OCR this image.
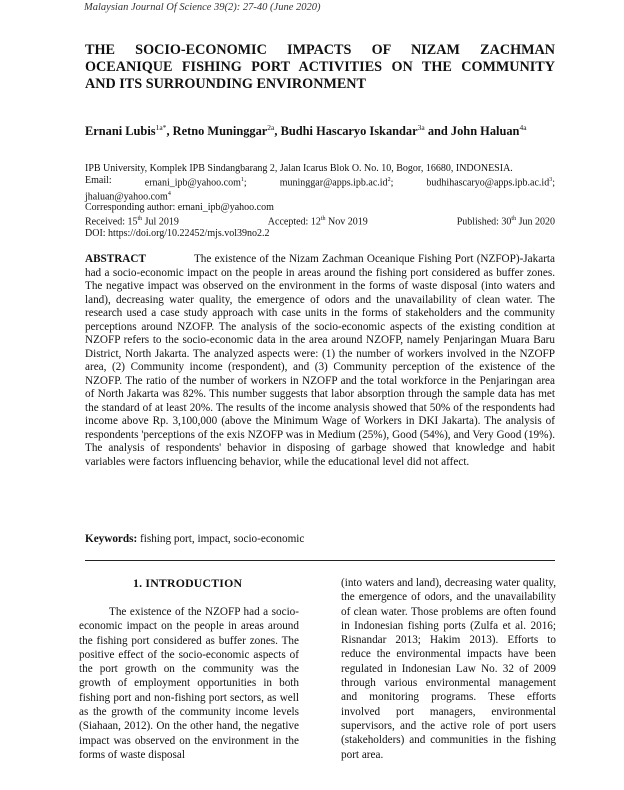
Malaysian Journal Of Science 39(2): 27-40 (June 2020)
THE SOCIO-ECONOMIC IMPACTS OF NIZAM ZACHMAN
OCEANIQUE FISHING PORT ACTIVITIES ON THE COMMUNITY
AND ITS SURROUNDING ENVIRONMENT
Ernani Lubis$^{1a*}$, Retno Muninggar$^{2a}$, Budhi Hascaryo Iskandar$^{3a}$ and John Haluan$^{4a}$
IPB University, Komplek IPB Sindangbarang 2, Jalan Icarus Blok O. No. 10, Bogor, 16680, INDONESIA.
Email:	ernani_ipb@yahoo.com$^1$;	$muninggar@apps.ipb.ac.id^2$;	$budhihascaryo@apps.ipb.ac.id^3$;
jhaluan@yahoo.com$^4$
Corresponding author: ernani_ipb@yahoo.com
Received: 15th Jul 2019	Accepted: 12th Nov 2019	Published: 30th Jun 2020
DOI: https://doi.org/10.22452/mjs.vol39no2.2
ABSTRACT	The existence of the Nizam Zachman Oceanique Fishing Port (NZFOP)-Jakarta had a socio-economic impact on the people in areas around the fishing port considered as buffer zones. The negative impact was observed on the environment in the forms of waste disposal (into waters and land), decreasing water quality, the emergence of odors and the unavailability of clean water. The research used a case study approach with case units in the forms of stakeholders and the community perceptions around NZOFP. The analysis of the socio-economic aspects of the existing condition at NZOFP refers to the socio-economic data in the area around NZOFP, namely Penjaringan Muara Baru District, North Jakarta. The analyzed aspects were: (1) the number of workers involved in the NZOFP area, (2) Community income (respondent), and (3) Community perception of the existence of the NZOFP. The ratio of the number of workers in NZOFP and the total workforce in the Penjaringan area of North Jakarta was 82%. This number suggests that labor absorption through the sample data has met the standard of at least 20%. The results of the income analysis showed that 50% of the respondents had income above Rp. 3,100,000 (above the Minimum Wage of Workers in DKI Jakarta). The analysis of respondents 'perceptions of the exis NZOFP was in Medium (25%), Good (54%), and Very Good (19%). The analysis of respondents' behavior in disposing of garbage showed that knowledge and habit variables were factors influencing behavior, while the educational level did not affect.
Keywords: fishing port, impact, socio-economic
1. INTRODUCTION
The existence of the NZOFP had a socio-economic impact on the people in areas around the fishing port considered as buffer zones. The positive effect of the socio-economic aspects of the port growth on the community was the growth of employment opportunities in both fishing port and non-fishing port sectors, as well as the growth of the community income levels (Siahaan, 2012). On the other hand, the negative impact was observed on the environment in the forms of waste disposal
(into waters and land), decreasing water quality, the emergence of odors, and the unavailability of clean water. Those problems are often found in Indonesian fishing ports (Zulfa et al. 2016; Risnandar 2013; Hakim 2013). Efforts to reduce the environmental impacts have been regulated in Indonesian Law No. 32 of 2009 through various environmental management and monitoring programs. These efforts involved port managers, environmental supervisors, and the active role of port users (stakeholders) and communities in the fishing port area.
